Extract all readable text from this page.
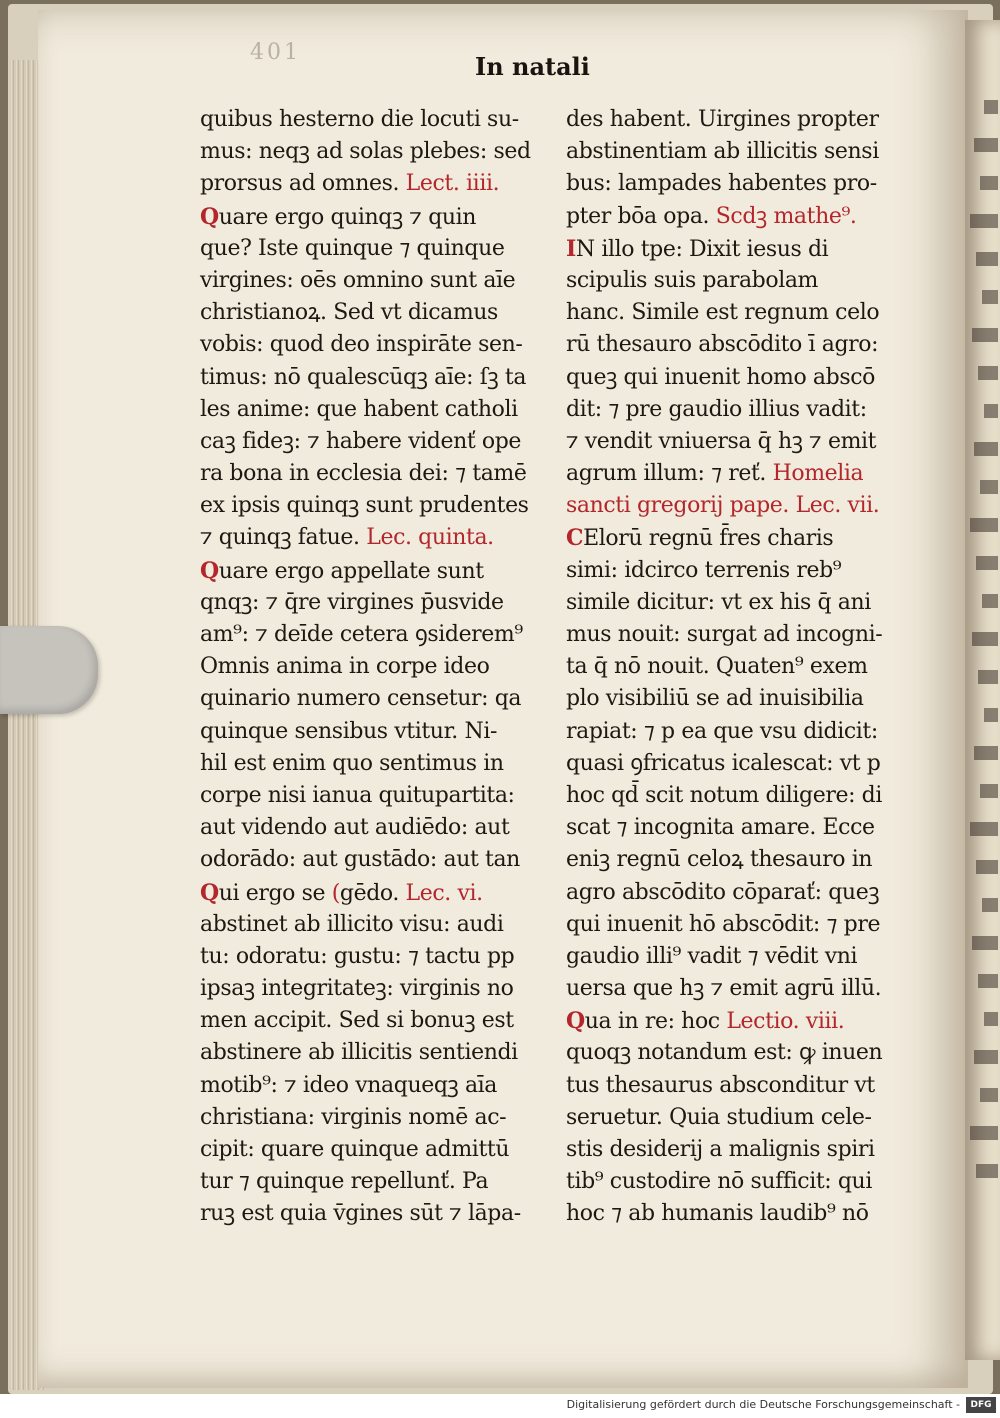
401	In natali
quibus hesterno die locuti su-
mus: neqꝫ ad solas plebes: sed
prorsus ad omnes. Lect. iiii.
Quare ergo quinqꝫ ⁊ quin
que? Iste quinque ⁊ quinque
virgines: oēs omnino sunt aīe
christianoꝝ. Sed vt dicamus
vobis: quod deo inspirāte sen-
timus: nō qualescūqꝫ aīe: ſꝫ ta
les anime: que habent catholi
caꝫ fideꝫ: ⁊ habere videnť ope
ra bona in ecclesia dei: ⁊ tamē
ex ipsis quinqꝫ sunt prudentes
⁊ quinqꝫ fatue. Lec. quinta.
Quare ergo appellate sunt
qnqꝫ: ⁊ q̄re virgines p̄usvide
am⁹: ⁊ deīde cetera ꝯsiderem⁹
Omnis anima in corpe ideo
quinario numero censetur: qa
quinque sensibus vtitur. Ni-
hil est enim quo sentimus in
corpe nisi ianua quitupartita:
aut videndo aut audiēdo: aut
odorādo: aut gustādo: aut tan
Qui ergo se (gēdo. Lec. vi.
abstinet ab illicito visu: audi
tu: odoratu: gustu: ⁊ tactu pp
ipsaꝫ integritateꝫ: virginis no
men accipit. Sed si bonuꝫ est
abstinere ab illicitis sentiendi
motib⁹: ⁊ ideo vnaqueqꝫ aīa
christiana: virginis nomē ac-
cipit: quare quinque admittū
tur ⁊ quinque repellunť. Pa
ruꝫ est quia v̄gines sūt ⁊ lāpa-
des habent. Uirgines propter
abstinentiam ab illicitis sensi
bus: lampades habentes pro-
pter bōa opa. Scdꝫ mathe⁹.
IN illo tpe: Dixit iesus di
scipulis suis parabolam
hanc. Simile est regnum celo
rū thesauro abscōdito ī agro:
queꝫ qui inuenit homo abscō
dit: ⁊ pre gaudio illius vadit:
⁊ vendit vniuersa q̄ hꝫ ⁊ emit
agrum illum: ⁊ reť. Homelia
sancti gregorij pape. Lec. vii.
CElorū regnū f̄res charis
simi: idcirco terrenis reb⁹
simile dicitur: vt ex his q̄ ani
mus nouit: surgat ad incogni-
ta q̄ nō nouit. Quaten⁹ exem
plo visibiliū se ad inuisibilia
rapiat: ⁊ p ea que vsu didicit:
quasi ꝯfricatus icalescat: vt p
hoc qd̄ scit notum diligere: di
scat ⁊ incognita amare. Ecce
eniꝫ regnū celoꝝ thesauro in
agro abscōdito cōparať: queꝫ
qui inuenit hō abscōdit: ⁊ pre
gaudio illi⁹ vadit ⁊ vēdit vni
uersa que hꝫ ⁊ emit agrū illū.
Qua in re: hoc Lectio. viii.
quoqꝫ notandum est: ꝙ inuen
tus thesaurus absconditur vt
seruetur. Quia studium cele-
stis desiderij a malignis spiri
tib⁹ custodire nō sufficit: qui
hoc ⁊ ab humanis laudib⁹ nō
Digitalisierung gefördert durch die Deutsche Forschungsgemeinschaft -	DFG
